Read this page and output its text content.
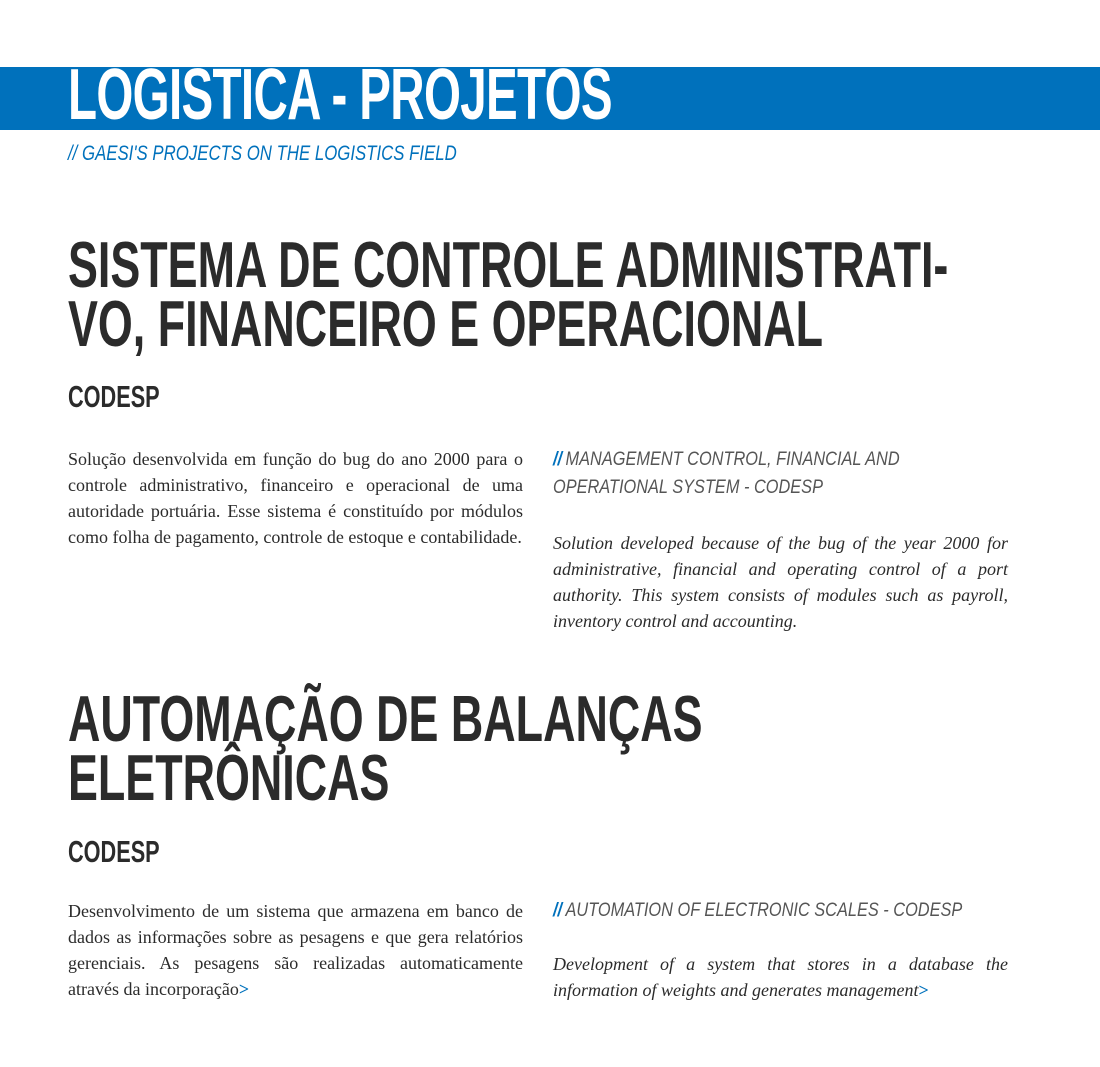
LOGÍSTICA - PROJETOS
// GAESI'S PROJECTS ON THE LOGISTICS FIELD
SISTEMA DE CONTROLE ADMINISTRATI-
VO, FINANCEIRO E OPERACIONAL
CODESP

Solução desenvolvida em função do bug do ano 2000 para o controle administrativo, financeiro e operacional de uma autoridade portuária. Esse sistema é constituído por módulos como folha de pagamento, controle de estoque e contabilidade.

// MANAGEMENT CONTROL, FINANCIAL AND OPERATIONAL SYSTEM - CODESP

Solution developed because of the bug of the year 2000 for administrative, financial and operating control of a port authority. This system consists of modules such as payroll, inventory control and accounting.

AUTOMAÇÃO DE BALANÇAS
ELETRÔNICAS
CODESP

Desenvolvimento de um sistema que armazena em banco de dados as informações sobre as pesagens e que gera relatórios gerenciais. As pesagens são realizadas automaticamente através da incorporação>

// AUTOMATION OF ELECTRONIC SCALES - CODESP

Development of a system that stores in a database the information of weights and generates management>
